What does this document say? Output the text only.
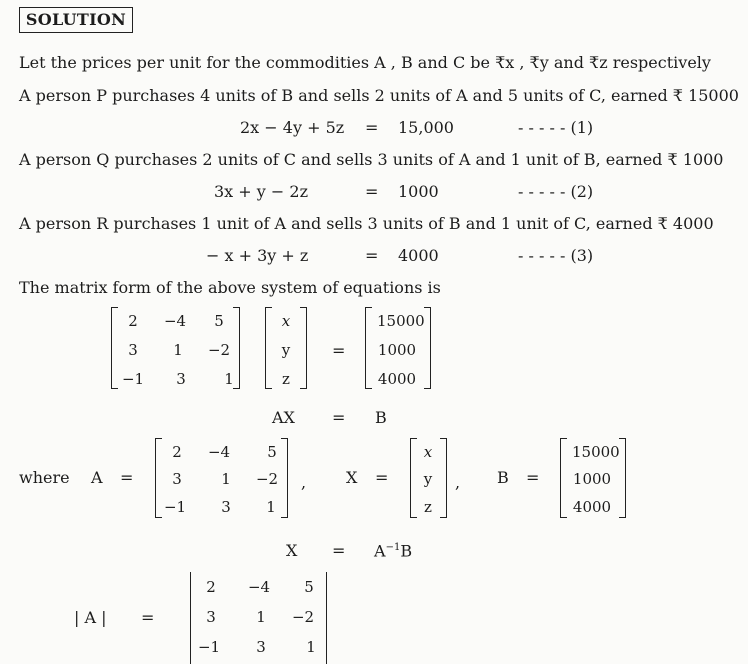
SOLUTION
Let the prices per unit for the commodities A , B and C be ₹x , ₹y and ₹z respectively
A person P purchases 4 units of B and sells 2 units of A and 5 units of C, earned ₹ 15000
2x − 4y + 5z = 15,000	- - - - - (1)
A person Q purchases 2 units of C and sells 3 units of A and 1 unit of B, earned ₹ 1000
3x + y − 2z	= 1000	- - - - - (2)
A person R purchases 1 unit of A and sells 3 units of B and 1 unit of C, earned ₹ 4000
− x + 3y + z	= 4000	- - - - - (3)
The matrix form of the above system of equations is
2	−4	5
3	1	−2
−1	3	1
x
y
z
=
15000
1000
4000
AX = B
where A =
2	−4	5
3	1	−2
−1	3	1
, X =
x
y
z
, B =
15000
1000
4000
$X = A^{-1}B$
| A | =
2	−4	5
3	1	−2
−1	3	1
